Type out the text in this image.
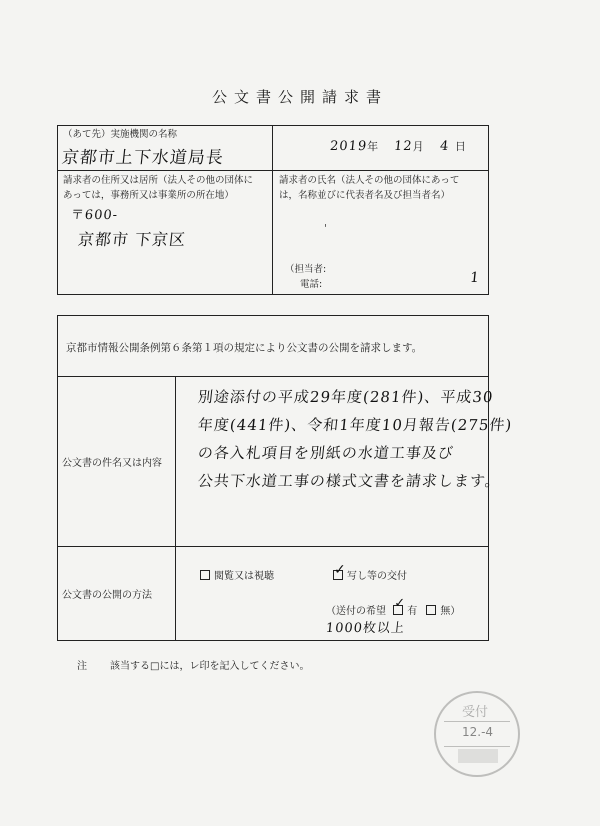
公文書公開請求書
（あて先）実施機関の名称
京都市上下水道局長
2019年 12月 4 日
請求者の住所又は居所（法人その他の団体に
あっては，事務所又は事業所の所在地）
〒600-
京都市 下京区
請求者の氏名（法人その他の団体にあって
は，名称並びに代表者名及び担当者名）
'
（担当者:
電話:	1
京都市情報公開条例第６条第１項の規定により公文書の公開を請求します。
公文書の件名又は内容
別途添付の平成29年度(281件)、平成30
年度(441件)、令和1年度10月報告(275件)
の各入札項目を別紙の水道工事及び
公共下水道工事の様式文書を請求します。
公文書の公開の方法
閲覧又は視聴	✓ 写し等の交付
（送付の希望
✓
有 無）
1000枚以上
注 該当する□には，レ印を記入してください。
受付
12.-4
